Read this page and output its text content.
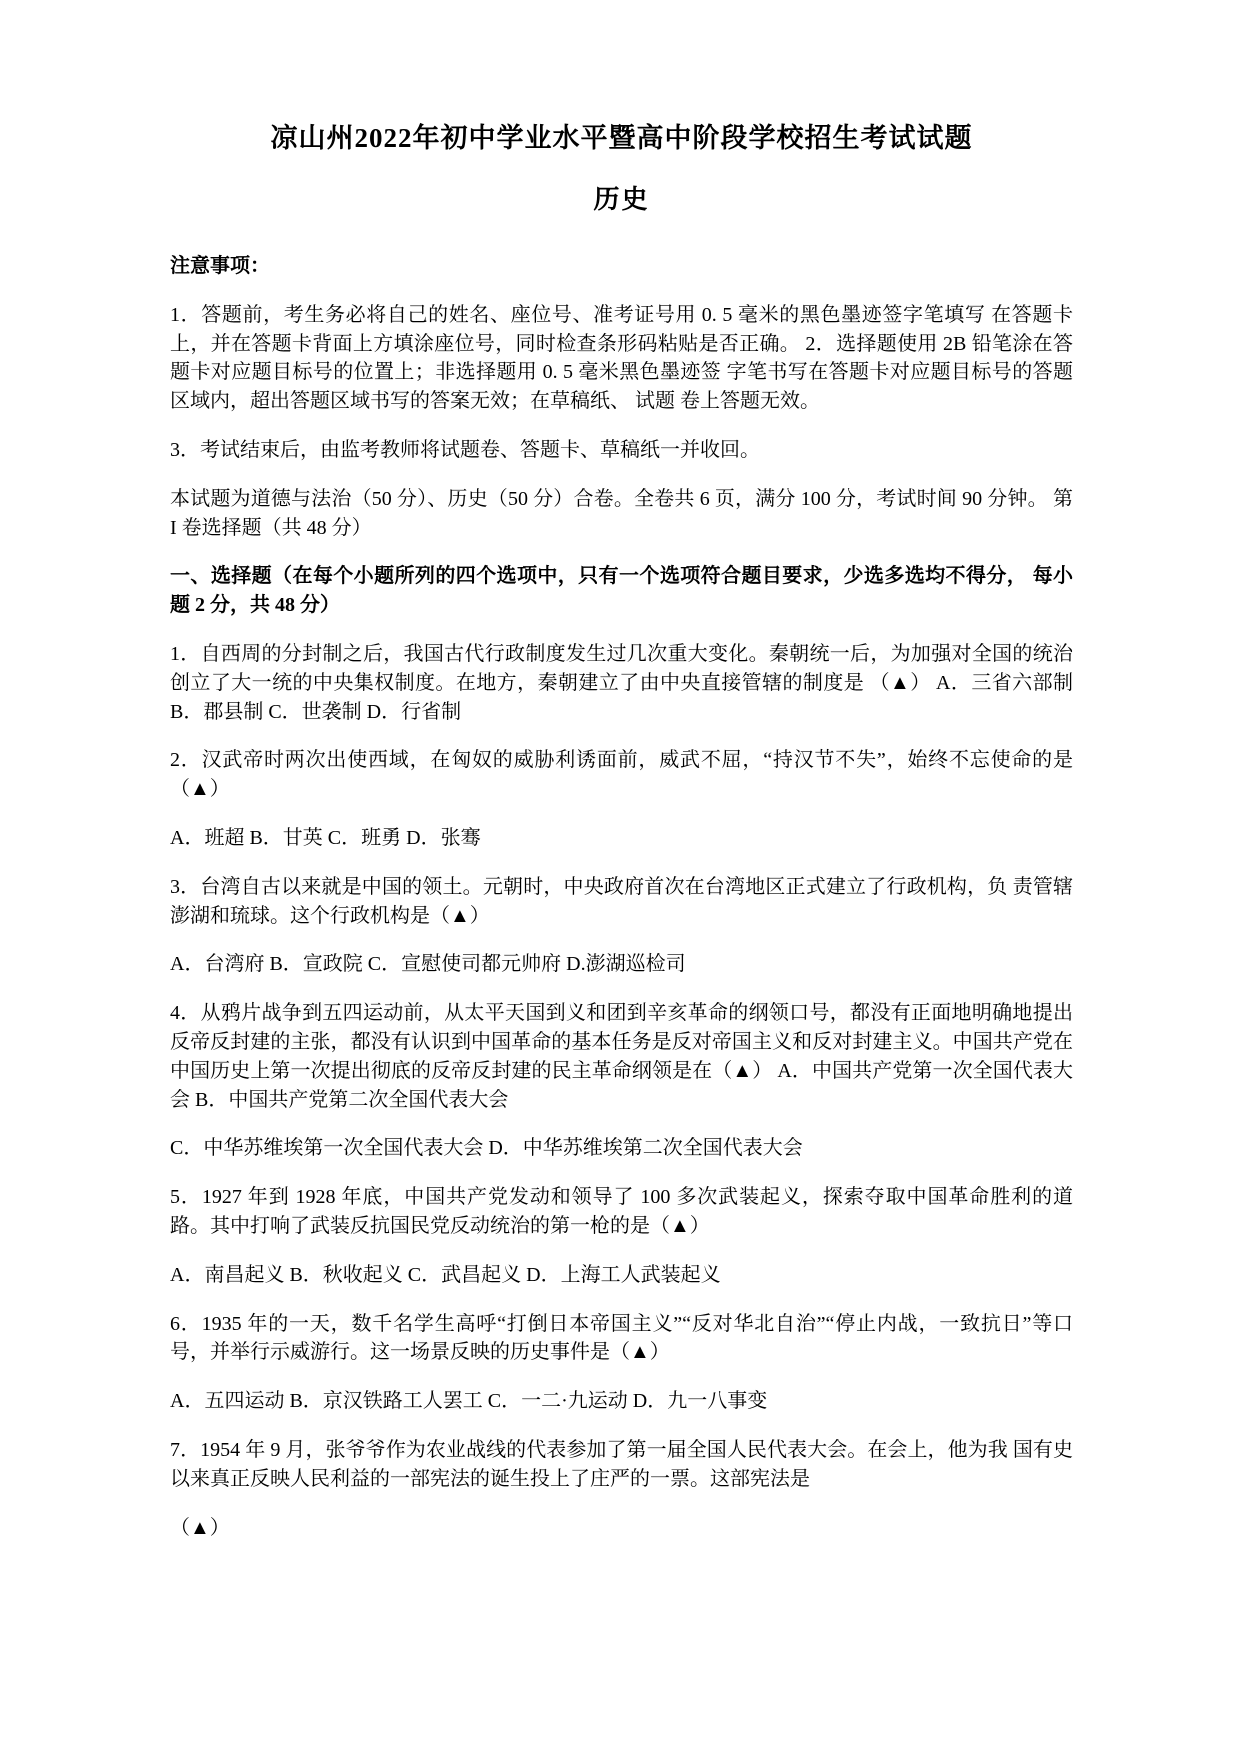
凉山州2022年初中学业水平暨高中阶段学校招生考试试题
历史

注意事项：

1．答题前，考生务必将自己的姓名、座位号、准考证号用 0. 5 毫米的黑色墨迹签字笔填写 在答题卡上，并在答题卡背面上方填涂座位号，同时检查条形码粘贴是否正确。 2．选择题使用 2B 铅笔涂在答题卡对应题目标号的位置上；非选择题用 0. 5 毫米黑色墨迹签 字笔书写在答题卡对应题目标号的答题区域内，超出答题区域书写的答案无效；在草稿纸、 试题 卷上答题无效。

3．考试结束后，由监考教师将试题卷、答题卡、草稿纸一并收回。

本试题为道德与法治（50 分）、历史（50 分）合卷。全卷共 6 页，满分 100 分，考试时间 90 分钟。 第 I 卷选择题（共 48 分）

一、选择题（在每个小题所列的四个选项中，只有一个选项符合题目要求，少选多选均不得分， 每小题 2 分，共 48 分）

1．自西周的分封制之后，我国古代行政制度发生过几次重大变化。秦朝统一后，为加强对全国的统治创立了大一统的中央集权制度。在地方，秦朝建立了由中央直接管辖的制度是 （▲） A．三省六部制 B．郡县制 C．世袭制 D．行省制

2．汉武帝时两次出使西域，在匈奴的威胁利诱面前，威武不屈，“持汉节不失”，始终不忘使命的是（▲）

A．班超 B．甘英 C．班勇 D．张骞

3．台湾自古以来就是中国的领土。元朝时，中央政府首次在台湾地区正式建立了行政机构，负 责管辖澎湖和琉球。这个行政机构是（▲）

A．台湾府 B．宣政院 C．宣慰使司都元帅府 D.澎湖巡检司

4．从鸦片战争到五四运动前，从太平天国到义和团到辛亥革命的纲领口号，都没有正面地明确地提出反帝反封建的主张，都没有认识到中国革命的基本任务是反对帝国主义和反对封建主义。中国共产党在中国历史上第一次提出彻底的反帝反封建的民主革命纲领是在（▲） A．中国共产党第一次全国代表大会 B．中国共产党第二次全国代表大会

C．中华苏维埃第一次全国代表大会 D．中华苏维埃第二次全国代表大会

5．1927 年到 1928 年底，中国共产党发动和领导了 100 多次武装起义，探索夺取中国革命胜利的道路。其中打响了武装反抗国民党反动统治的第一枪的是（▲）

A．南昌起义 B．秋收起义 C．武昌起义 D．上海工人武装起义

6．1935 年的一天，数千名学生高呼“打倒日本帝国主义”“反对华北自治”“停止内战，一致抗日”等口号，并举行示威游行。这一场景反映的历史事件是（▲）

A．五四运动 B．京汉铁路工人罢工 C．一二·九运动 D．九一八事变

7．1954 年 9 月，张爷爷作为农业战线的代表参加了第一届全国人民代表大会。在会上，他为我 国有史以来真正反映人民利益的一部宪法的诞生投上了庄严的一票。这部宪法是

（▲）
